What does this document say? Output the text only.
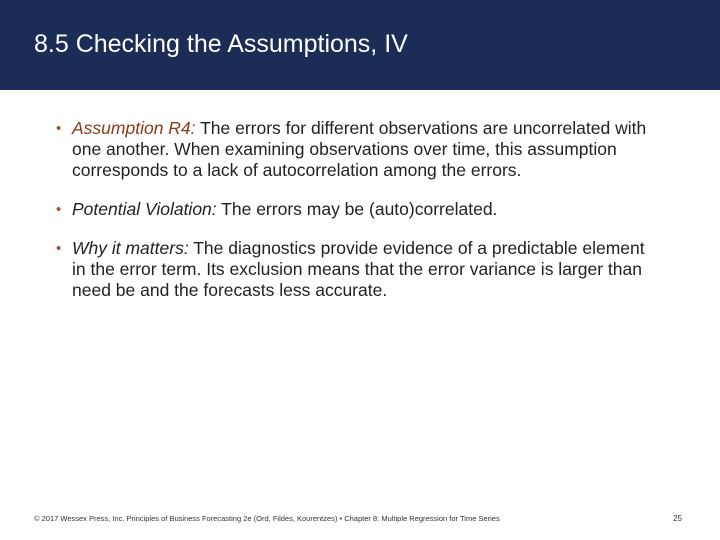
8.5 Checking the Assumptions, IV
• Assumption R4: The errors for different observations are uncorrelated with one another. When examining observations over time, this assumption corresponds to a lack of autocorrelation among the errors.
• Potential Violation: The errors may be (auto)correlated.
• Why it matters: The diagnostics provide evidence of a predictable element in the error term. Its exclusion means that the error variance is larger than need be and the forecasts less accurate.
© 2017 Wessex Press, Inc. Principles of Business Forecasting 2e (Ord, Fildes, Kourentzes) • Chapter 8: Multiple Regression for Time Series	25
